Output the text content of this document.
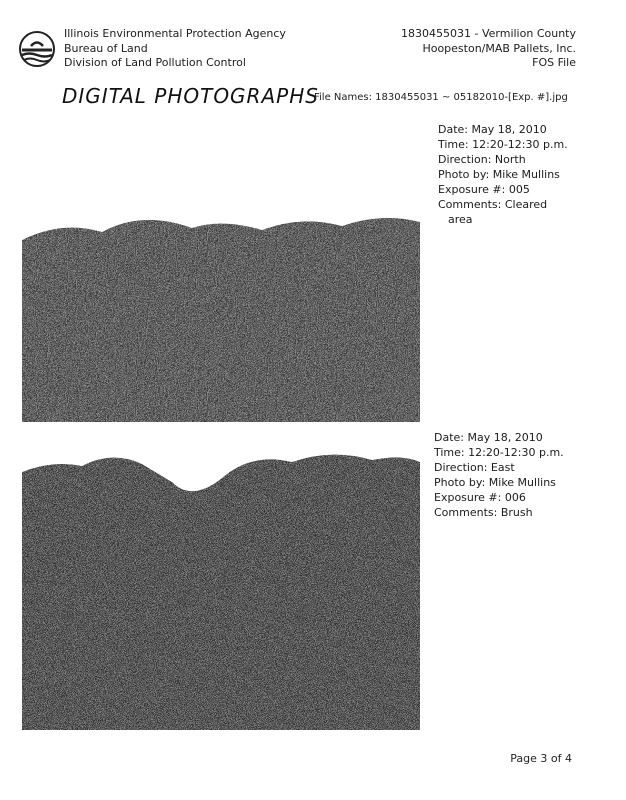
Illinois Environmental Protection Agency
Bureau of Land
Division of Land Pollution Control
1830455031 - Vermilion County
Hoopeston/MAB Pallets, Inc.
FOS File
DIGITAL PHOTOGRAPHS
File Names: 1830455031 ~ 05182010-[Exp. #].jpg
Date: May 18, 2010
Time: 12:20-12:30 p.m.
Direction: North
Photo by: Mike Mullins
Exposure #: 005
Comments: Cleared
area
Date: May 18, 2010
Time: 12:20-12:30 p.m.
Direction: East
Photo by: Mike Mullins
Exposure #: 006
Comments: Brush
Page 3 of 4
